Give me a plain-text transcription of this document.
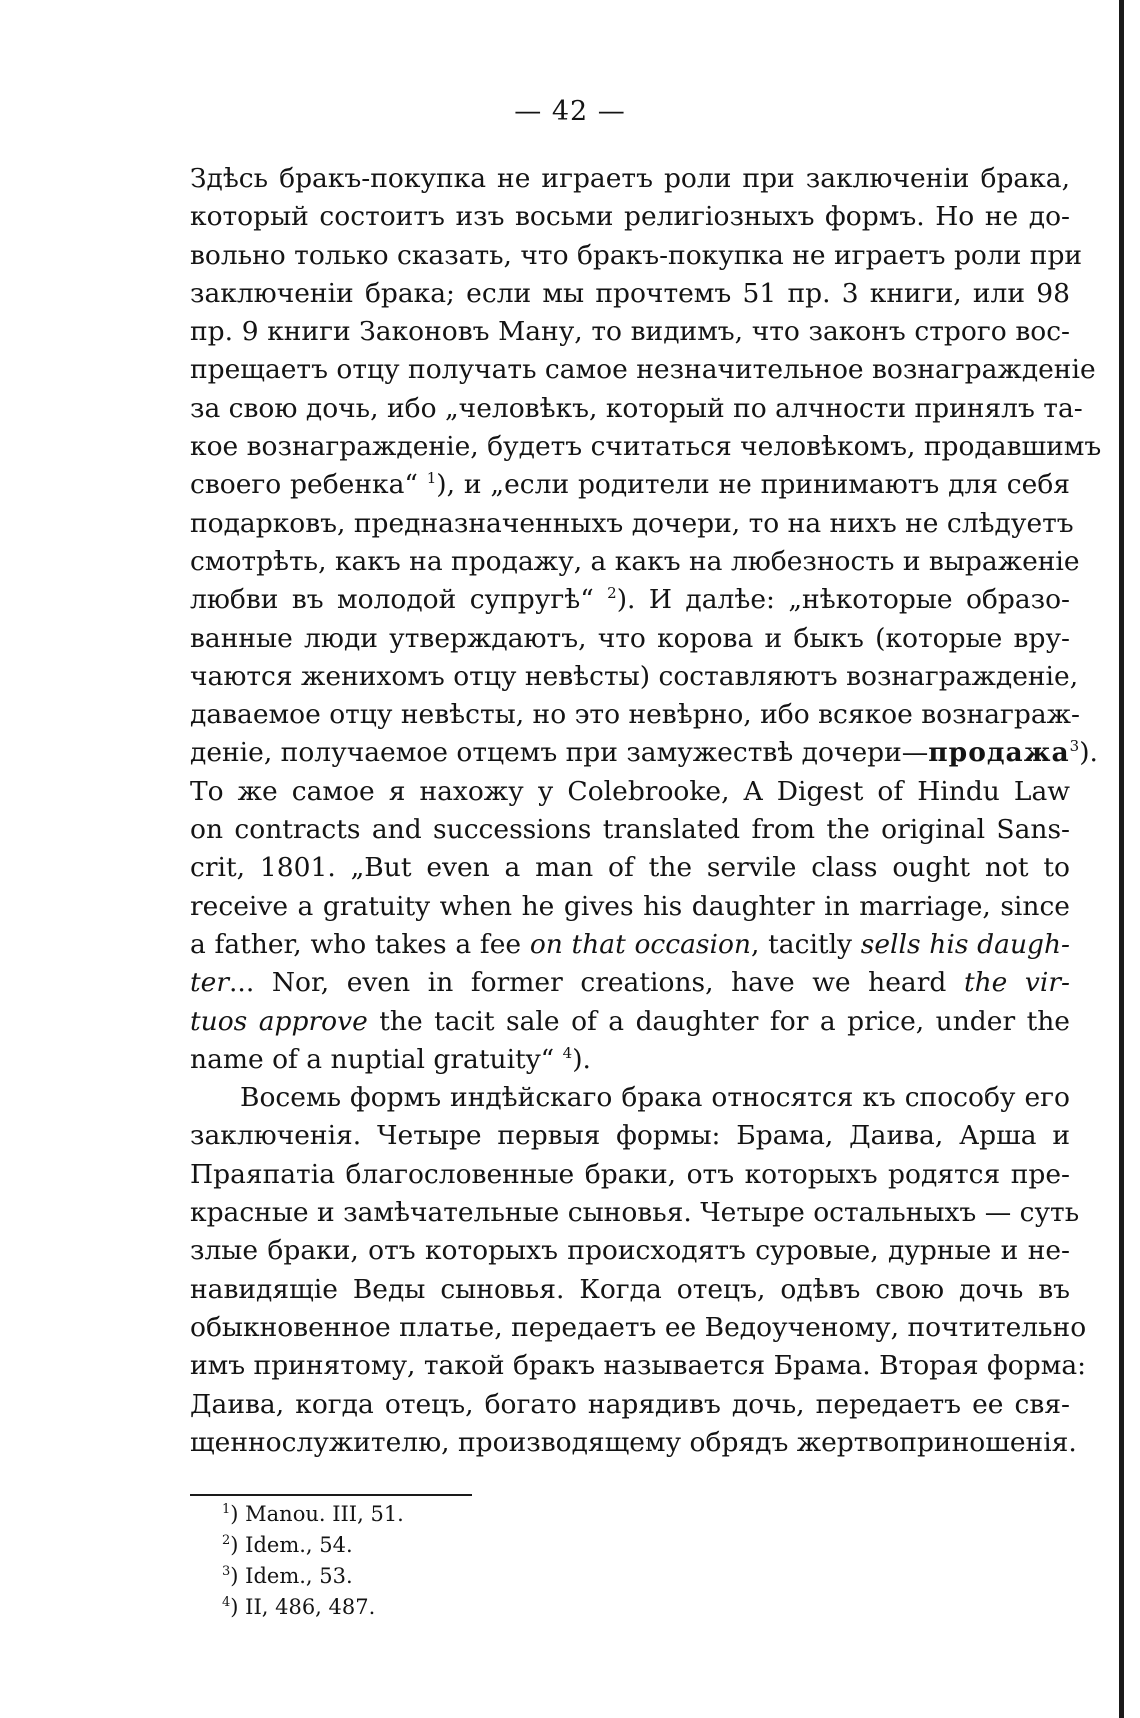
— 42 —
Здѣсь бракъ-покупка не играетъ роли при заключенiи брака,
который состоитъ изъ восьми религiозныхъ формъ. Но не до-
вольно только сказать, что бракъ-покупка не играетъ роли при
заключенiи брака; если мы прочтемъ 51 пр. 3 книги, или 98
пр. 9 книги Законовъ Ману, то видимъ, что законъ строго вос-
прещаетъ отцу получать самое незначительное вознагражденiе
за свою дочь, ибо „человѣкъ, который по алчности принялъ та-
кое вознагражденiе, будетъ считаться человѣкомъ, продавшимъ
своего ребенка“ $^1$), и „если родители не принимаютъ для себя
подарковъ, предназначенныхъ дочери, то на нихъ не слѣдуетъ
смотрѣть, какъ на продажу, а какъ на любезность и выраженiе
любви въ молодой супругѣ“ $^2$). И далѣе: „нѣкоторые образо-
ванные люди утверждаютъ, что корова и быкъ (которые вру-
чаются женихомъ отцу невѣсты) составляютъ вознагражденiе,
даваемое отцу невѣсты, но это невѣрно, ибо всякое вознаграж-
денiе, получаемое отцемъ при замужествѣ дочери—продажа$^3$).
То же самое я нахожу у Colebrooke, A Digest of Hindu Law
on contracts and successions translated from the original Sans-
crit, 1801. „But even a man of the servile class ought not to
receive a gratuity when he gives his daughter in marriage, since
a father, who takes a fee on that occasion, tacitly sells his daugh-
ter... Nor, even in former creations, have we heard the vir-
tuos approve the tacit sale of a daughter for a price, under the
name of a nuptial gratuity“ $^4$).
Восемь формъ индѣйскаго брака относятся къ способу его
заключенiя. Четыре первыя формы: Брама, Даива, Арша и
Праяпатiа благословенные браки, отъ которыхъ родятся пре-
красные и замѣчательные сыновья. Четыре остальныхъ — суть
злые браки, отъ которыхъ происходятъ суровые, дурные и не-
навидящiе Веды сыновья. Когда отецъ, одѣвъ свою дочь въ
обыкновенное платье, передаетъ ее Ведоученому, почтительно
имъ принятому, такой бракъ называется Брама. Вторая форма:
Даива, когда отецъ, богато нарядивъ дочь, передаетъ ее свя-
щеннослужителю, производящему обрядъ жертвоприношенiя.
$^1$) Manou. III, 51.
$^2$) Idem., 54.
$^3$) Idem., 53.
$^4$) II, 486, 487.
